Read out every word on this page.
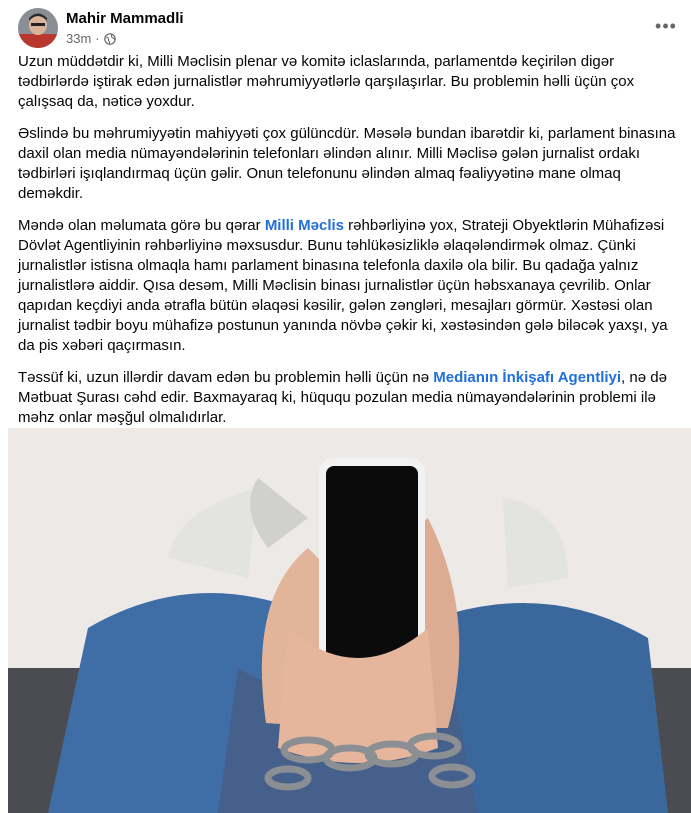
Mahir Mammadli
33m ·
•••

Uzun müddətdir ki, Milli Məclisin plenar və komitə iclaslarında, parlamentdə keçirilən digər tədbirlərdə iştirak edən jurnalistlər məhrumiyyətlərlə qarşılaşırlar. Bu problemin həlli üçün çox çalışsaq da, nəticə yoxdur.

Əslində bu məhrumiyyətin mahiyyəti çox gülüncdür. Məsələ bundan ibarətdir ki, parlament binasına daxil olan media nümayəndələrinin telefonları əlindən alınır. Milli Məclisə gələn jurnalist ordakı tədbirləri işıqlandırmaq üçün gəlir. Onun telefonunu əlindən almaq fəaliyyətinə mane olmaq deməkdir.

Məndə olan məlumata görə bu qərar Milli Məclis rəhbərliyinə yox, Strateji Obyektlərin Mühafizəsi Dövlət Agentliyinin rəhbərliyinə məxsusdur. Bunu təhlükəsizliklə əlaqələndirmək olmaz. Çünki jurnalistlər istisna olmaqla hamı parlament binasına telefonla daxilə ola bilir. Bu qadağa yalnız jurnalistlərə aiddir. Qısa desəm, Milli Məclisin binası jurnalistlər üçün həbsxanaya çevrilib. Onlar qapıdan keçdiyi anda ətrafla bütün əlaqəsi kəsilir, gələn zəngləri, mesajları görmür. Xəstəsi olan jurnalist tədbir boyu mühafizə postunun yanında növbə çəkir ki, xəstəsindən gələ biləcək yaxşı, ya da pis xəbəri qaçırmasın.

Təssüf ki, uzun illərdir davam edən bu problemin həlli üçün nə Medianın İnkişafı Agentliyi, nə də Mətbuat Şurası cəhd edir. Baxmayaraq ki, hüququ pozulan media nümayəndələrinin problemi ilə məhz onlar məşğul olmalıdırlar.
